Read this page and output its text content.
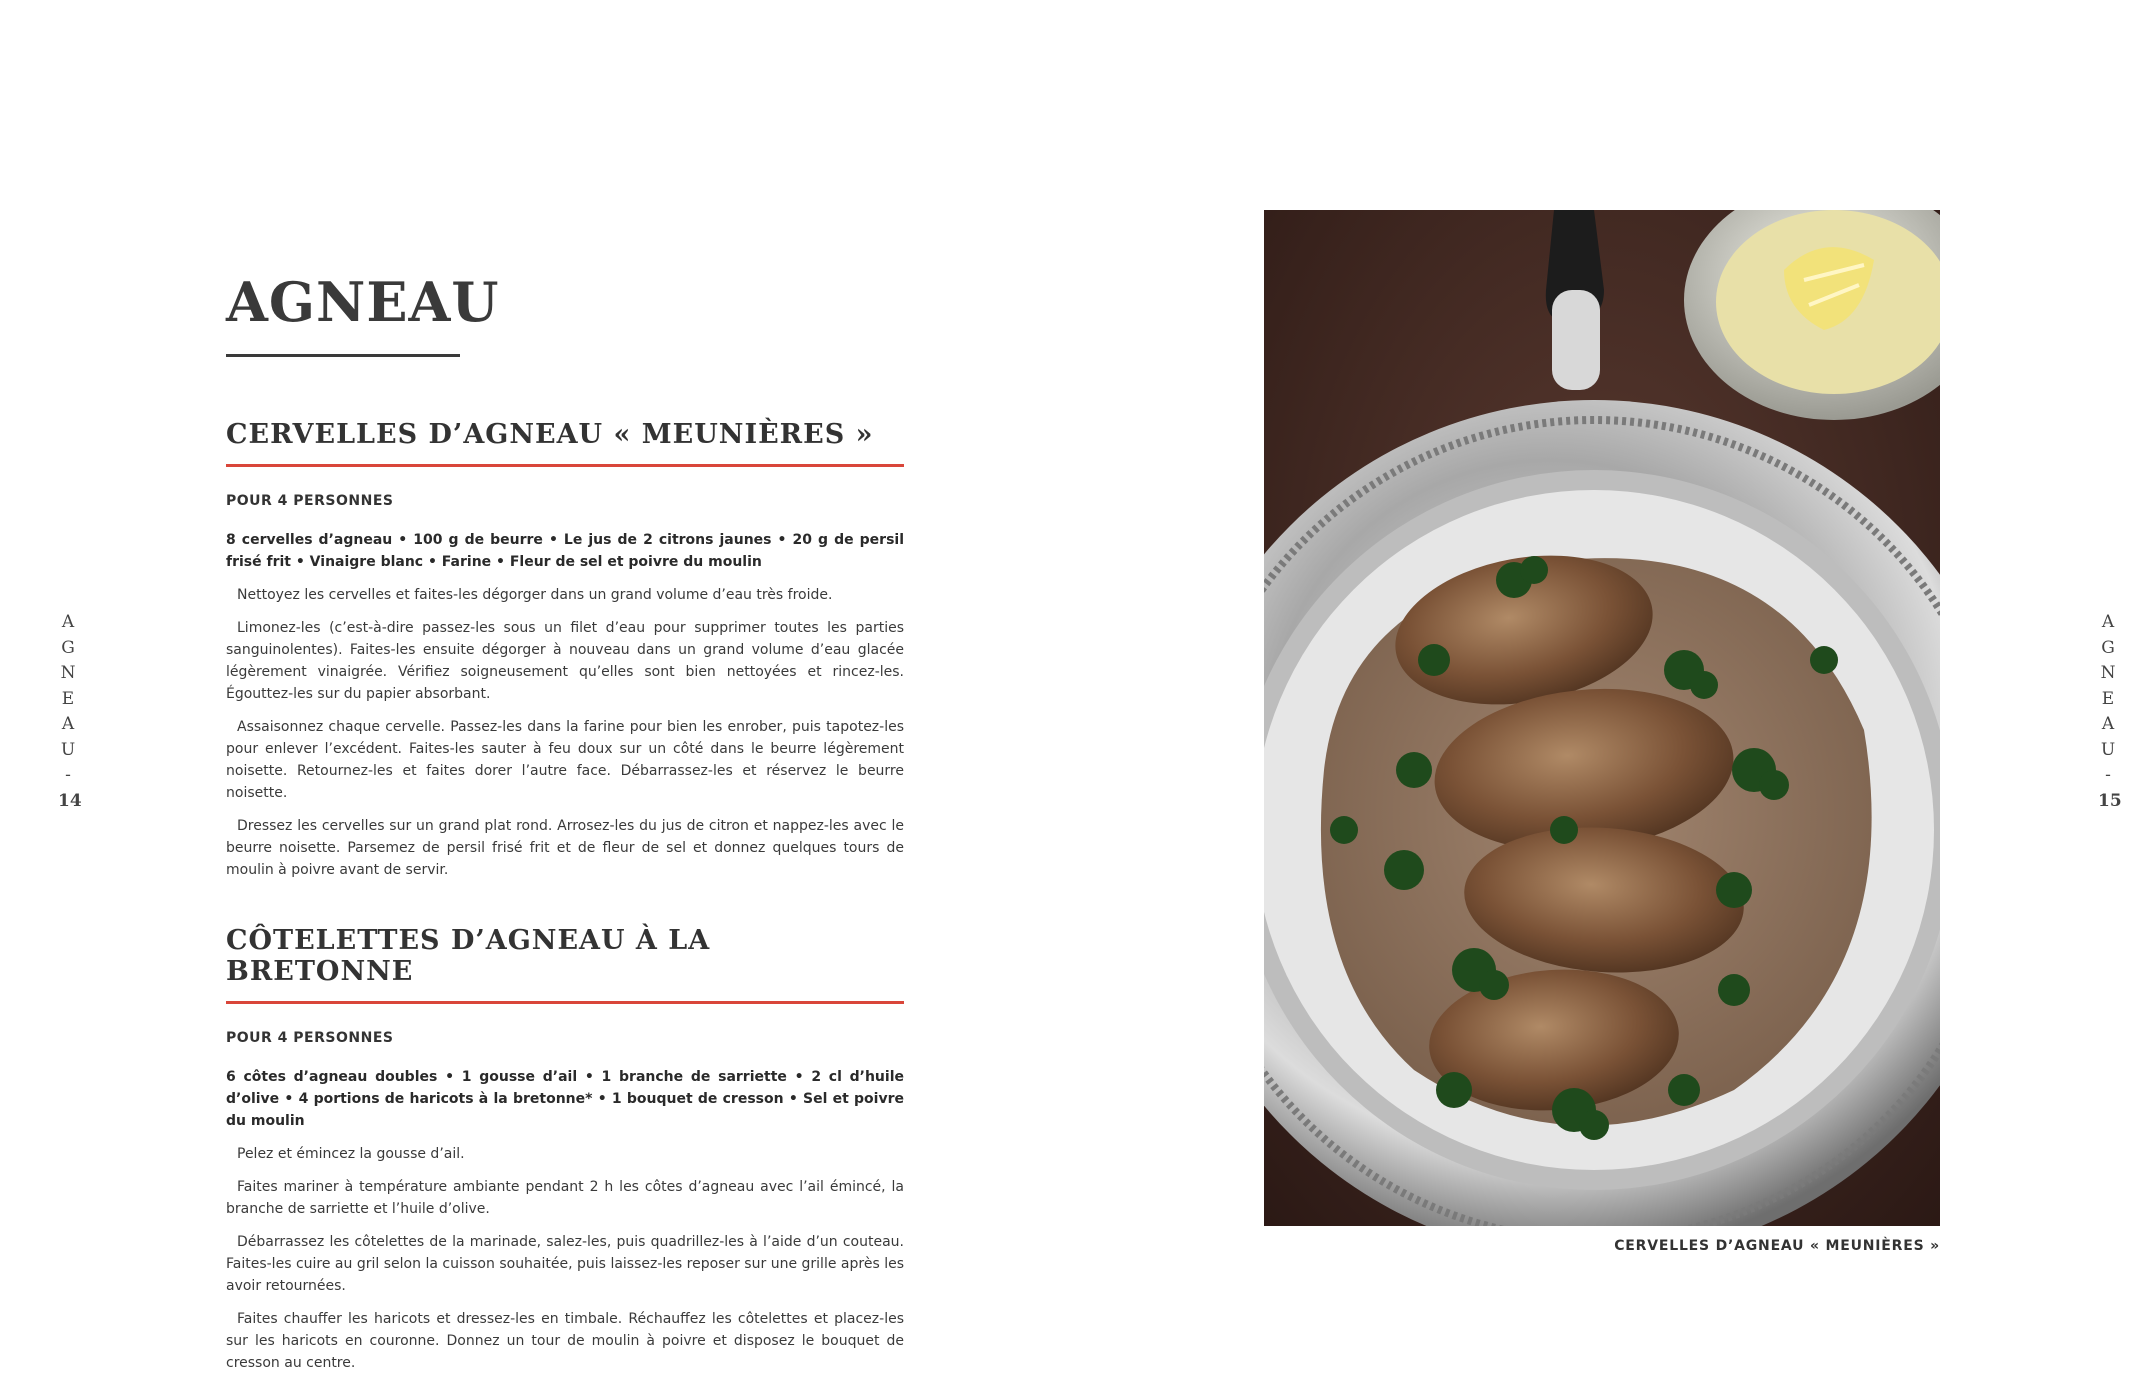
A
G
N
E
A
U
-
14
A
G
N
E
A
U
-
15
AGNEAU
CERVELLES D’AGNEAU « MEUNIÈRES »
POUR 4 PERSONNES
8 cervelles d’agneau • 100 g de beurre • Le jus de 2 citrons jaunes • 20 g de persil frisé frit • Vinaigre blanc • Farine • Fleur de sel et poivre du moulin

Nettoyez les cervelles et faites-les dégorger dans un grand volume d’eau très froide.

Limonez-les (c’est-à-dire passez-les sous un filet d’eau pour supprimer toutes les parties sanguinolentes). Faites-les ensuite dégorger à nouveau dans un grand volume d’eau glacée légèrement vinaigrée. Vérifiez soigneusement qu’elles sont bien nettoyées et rincez-les. Égouttez-les sur du papier absorbant.

Assaisonnez chaque cervelle. Passez-les dans la farine pour bien les enrober, puis tapotez-les pour enlever l’excédent. Faites-les sauter à feu doux sur un côté dans le beurre légèrement noisette. Retournez-les et faites dorer l’autre face. Débarrassez-les et réservez le beurre noisette.

Dressez les cervelles sur un grand plat rond. Arrosez-les du jus de citron et nappez-les avec le beurre noisette. Parsemez de persil frisé frit et de fleur de sel et donnez quelques tours de moulin à poivre avant de servir.

CÔTELETTES D’AGNEAU À LA BRETONNE
POUR 4 PERSONNES
6 côtes d’agneau doubles • 1 gousse d’ail • 1 branche de sarriette • 2 cl d’huile d’olive • 4 portions de haricots à la bretonne* • 1 bouquet de cresson • Sel et poivre du moulin

Pelez et émincez la gousse d’ail.

Faites mariner à température ambiante pendant 2 h les côtes d’agneau avec l’ail émincé, la branche de sarriette et l’huile d’olive.

Débarrassez les côtelettes de la marinade, salez-les, puis quadrillez-les à l’aide d’un couteau. Faites-les cuire au gril selon la cuisson souhaitée, puis laissez-les reposer sur une grille après les avoir retournées.

Faites chauffer les haricots et dressez-les en timbale. Réchauffez les côtelettes et placez-les sur les haricots en couronne. Donnez un tour de moulin à poivre et disposez le bouquet de cresson au centre.

CERVELLES D’AGNEAU « MEUNIÈRES »
